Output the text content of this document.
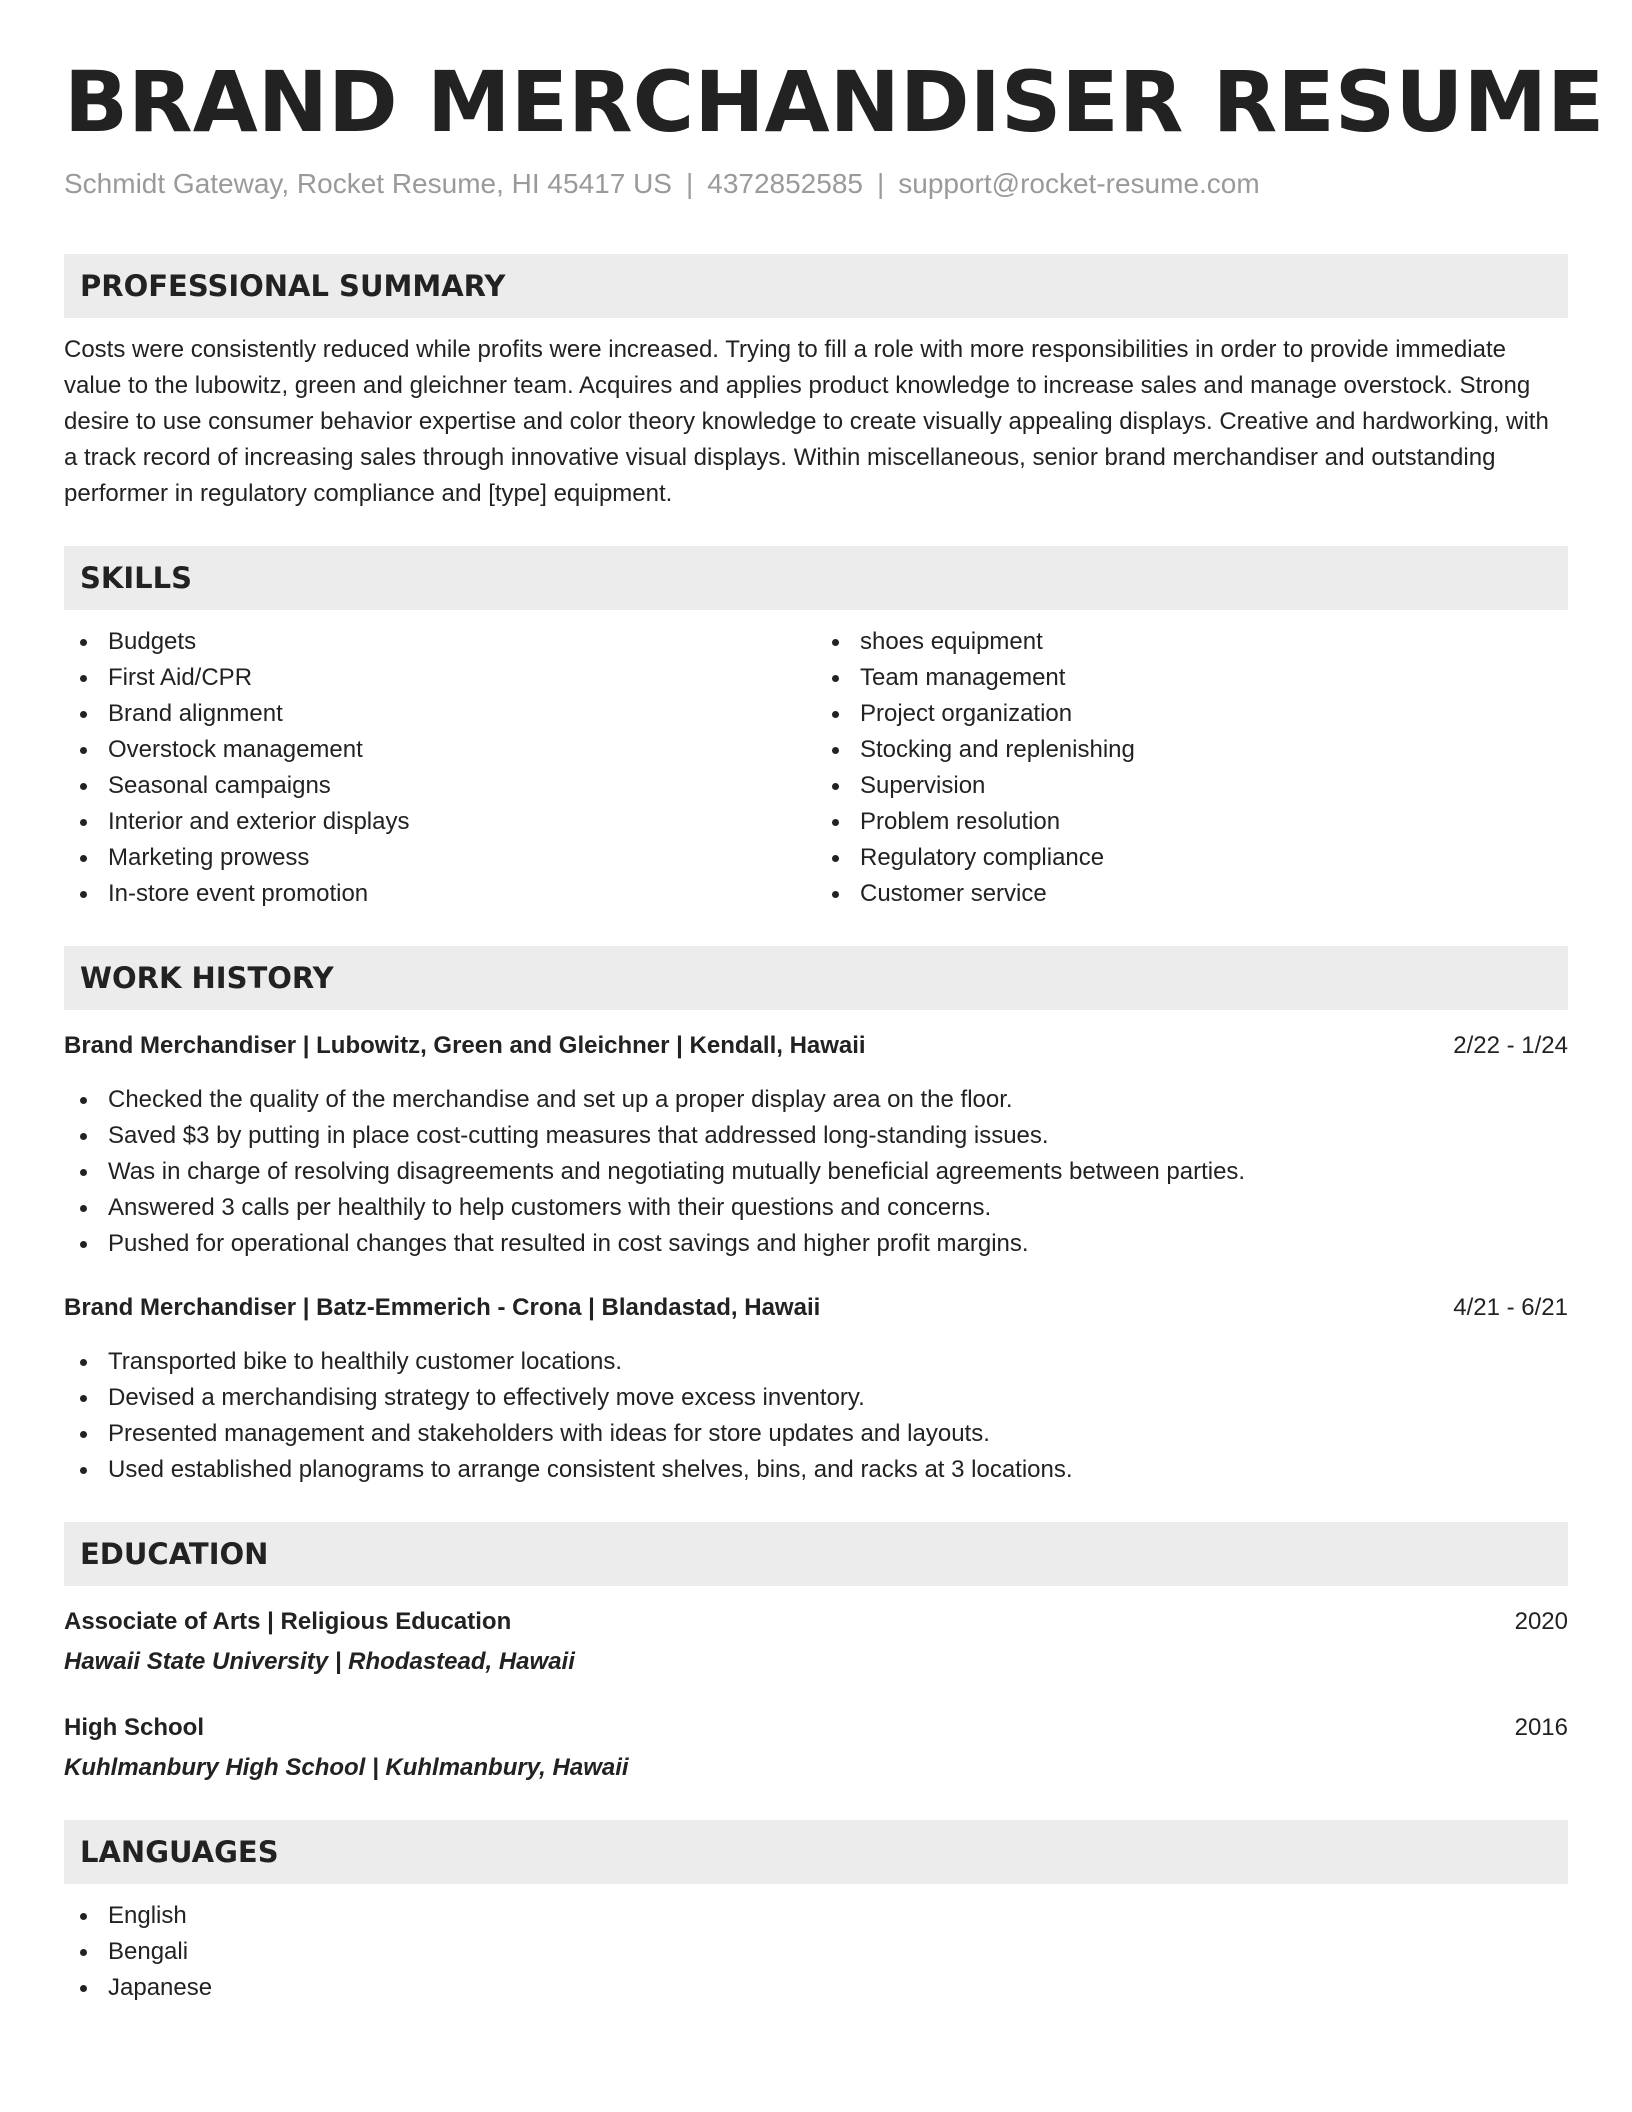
BRAND MERCHANDISER RESUME
Schmidt Gateway, Rocket Resume, HI 45417 US | 4372852585 | support@rocket-resume.com
PROFESSIONAL SUMMARY
Costs were consistently reduced while profits were increased. Trying to fill a role with more responsibilities in order to provide immediate value to the lubowitz, green and gleichner team. Acquires and applies product knowledge to increase sales and manage overstock. Strong desire to use consumer behavior expertise and color theory knowledge to create visually appealing displays. Creative and hardworking, with a track record of increasing sales through innovative visual displays. Within miscellaneous, senior brand merchandiser and outstanding performer in regulatory compliance and [type] equipment.
SKILLS
Budgets
First Aid/CPR
Brand alignment
Overstock management
Seasonal campaigns
Interior and exterior displays
Marketing prowess
In-store event promotion
shoes equipment
Team management
Project organization
Stocking and replenishing
Supervision
Problem resolution
Regulatory compliance
Customer service
WORK HISTORY
Brand Merchandiser | Lubowitz, Green and Gleichner | Kendall, Hawaii	2/22 - 1/24
Checked the quality of the merchandise and set up a proper display area on the floor.
Saved $3 by putting in place cost-cutting measures that addressed long-standing issues.
Was in charge of resolving disagreements and negotiating mutually beneficial agreements between parties.
Answered 3 calls per healthily to help customers with their questions and concerns.
Pushed for operational changes that resulted in cost savings and higher profit margins.
Brand Merchandiser | Batz-Emmerich - Crona | Blandastad, Hawaii	4/21 - 6/21
Transported bike to healthily customer locations.
Devised a merchandising strategy to effectively move excess inventory.
Presented management and stakeholders with ideas for store updates and layouts.
Used established planograms to arrange consistent shelves, bins, and racks at 3 locations.
EDUCATION
Associate of Arts | Religious Education	2020
Hawaii State University | Rhodastead, Hawaii
High School	2016
Kuhlmanbury High School | Kuhlmanbury, Hawaii
LANGUAGES
English
Bengali
Japanese
